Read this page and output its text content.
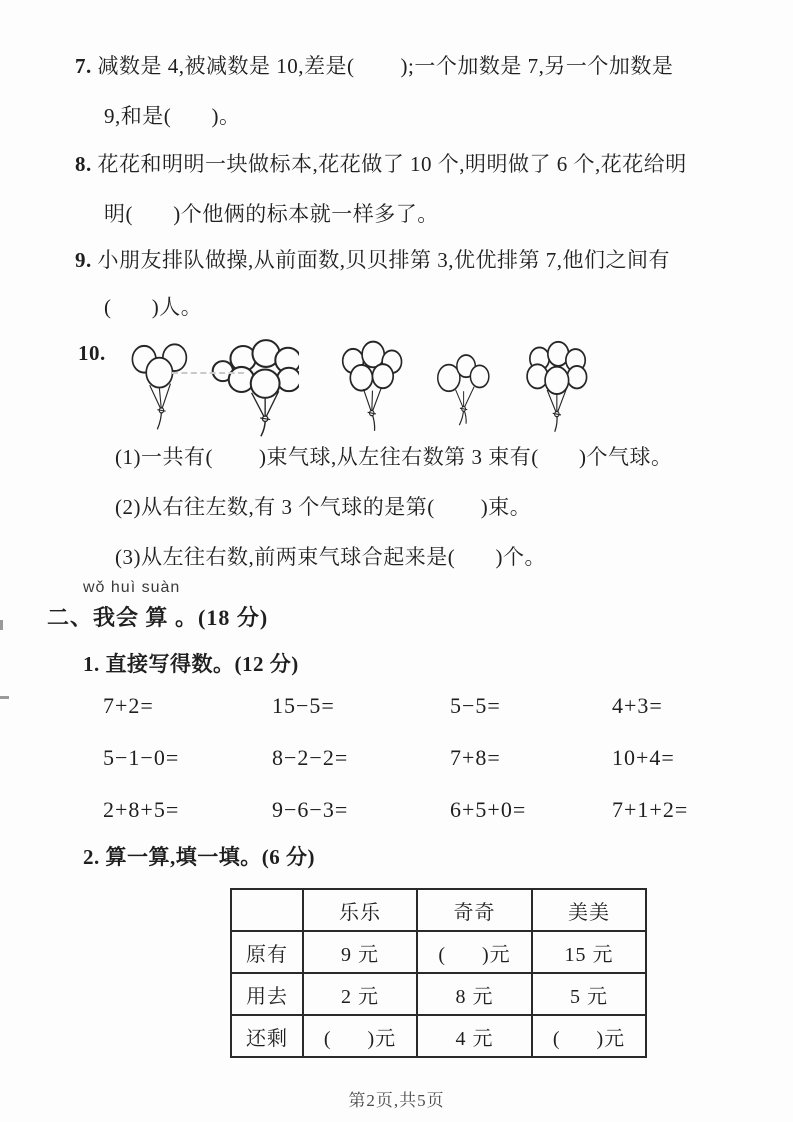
7. 减数是 4,被减数是 10,差是(        );一个加数是 7,另一个加数是
9,和是(       )。
8. 花花和明明一块做标本,花花做了 10 个,明明做了 6 个,花花给明
明(       )个他俩的标本就一样多了。
9. 小朋友排队做操,从前面数,贝贝排第 3,优优排第 7,他们之间有
(       )人。
10.
(1)一共有(        )束气球,从左往右数第 3 束有(       )个气球。
(2)从右往左数,有 3 个气球的是第(        )束。
(3)从左往右数,前两束气球合起来是(       )个。
wǒ huì suàn
二、我会 算 。(18 分)
1. 直接写得数。(12 分)
7+2=	15−5=	5−5=	4+3=
5−1−0=	8−2−2=	7+8=	10+4=
2+8+5=	9−6−3=	6+5+0=	7+1+2=
2. 算一算,填一填。(6 分)
	乐乐	奇奇	美美
原有	9 元	(      )元	15 元
用去	2 元	8 元	5 元
还剩	(      )元	4 元	(      )元
第2页,共5页
